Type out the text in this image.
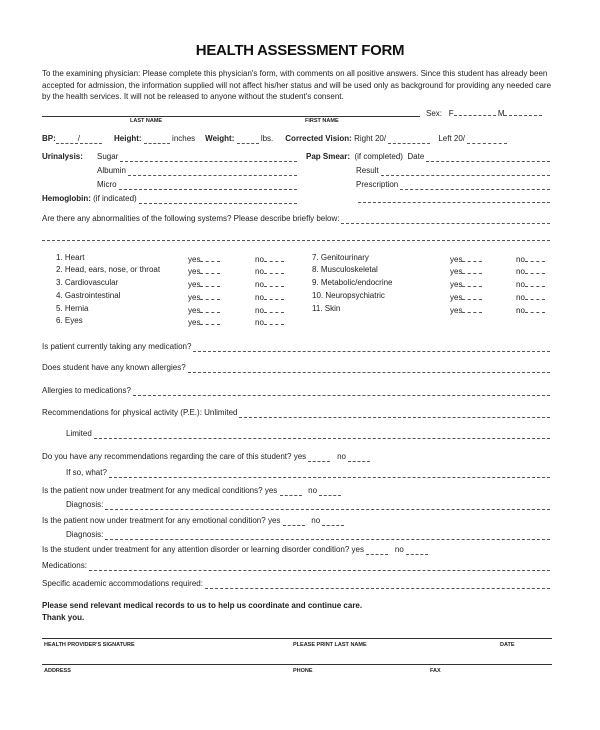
HEALTH ASSESSMENT FORM
To the examining physician: Please complete this physician's form, with comments on all positive answers. Since this student has already been accepted for admission, the information supplied will not affect his/her status and will be used only as background for providing any needed care by the health services. It will not be released to anyone without the student's consent.
Sex: F	M
LAST NAME	FIRST NAME
BP:	/	Height:

	inches Weight:

	lbs. Corrected Vision:
Right 20/
	Left 20/

Urinalysis: Sugar
Albumin
Micro
Hemoglobin:
(if indicated)
Pap Smear:
(if completed)
Date
Result
Prescription
Are there any abnormalities of the following systems? Please describe briefly below:
1. Heart	yes	no
2. Head, ears, nose, or throat	yes	no
3. Cardiovascular	yes	no
4. Gastrointestinal	yes	no
5. Hernia	yes	no
6. Eyes	yes	no
7. Genitourinary	yes	no
8. Musculoskeletal	yes	no
9. Metabolic/endocrine	yes	no
10. Neuropsychiatric	yes	no
11. Skin	yes	no
Is patient currently taking any medication?
Does student have any known allergies?
Allergies to medications?
Recommendations for physical activity (P.E.): Unlimited
Limited
Do you have any recommendations regarding the care of this student?
yes

	no

If so, what?
Is the patient now under treatment for any medical conditions?
yes

	no

Diagnosis:
Is the patient now under treatment for any emotional condition?
yes

	no

Diagnosis:
Is the student under treatment for any attention disorder or learning disorder condition?
yes

	no

Medications:
Specific academic accommodations required:
Please send relevant medical records to us to help us coordinate and continue care.
Thank you.
HEALTH PROVIDER'S SIGNATURE	PLEASE PRINT LAST NAME	DATE
ADDRESS	PHONE	FAX
